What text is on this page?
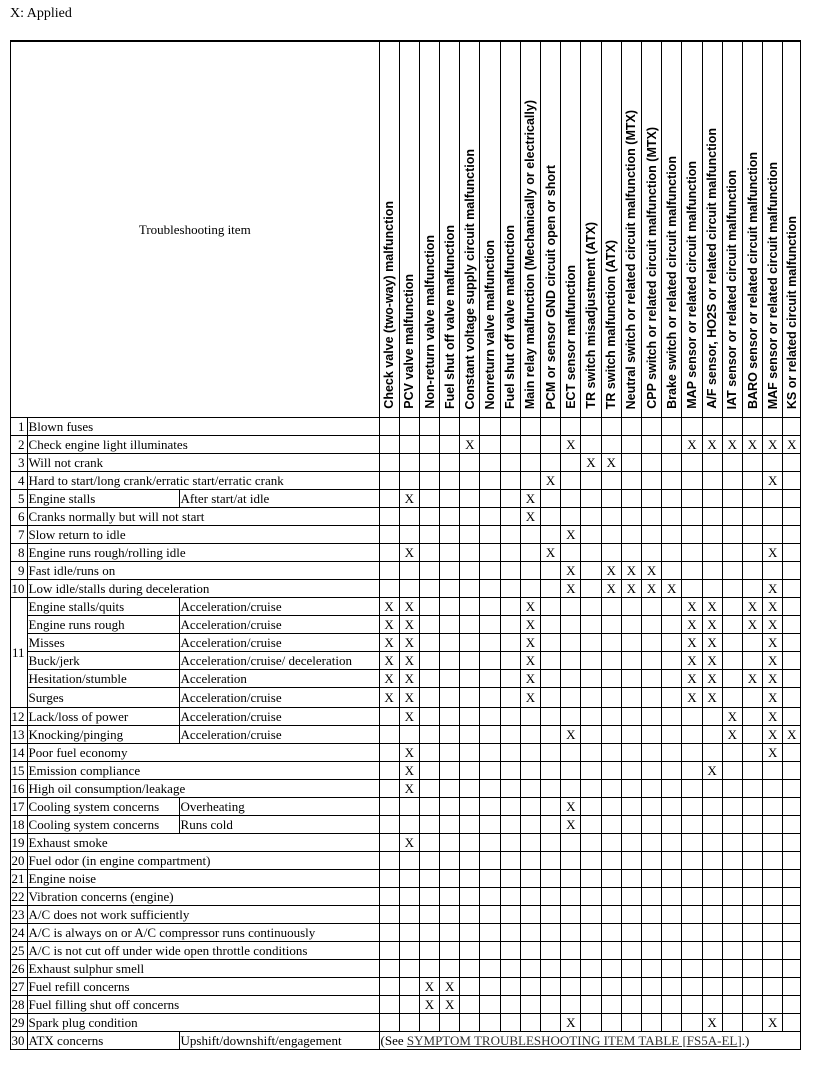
X: Applied
Troubleshooting item			Check valve (two-way) malfunction	PCV valve malfunction	Non-return valve malfunction	Fuel shut off valve malfunction	Constant voltage supply circuit malfunction	Nonreturn valve malfunction	Fuel shut off valve malfunction	Main relay malfunction (Mechanically or electrically)	PCM or sensor GND circuit open or short	ECT sensor malfunction	TR switch misadjustment (ATX)	TR switch malfunction (ATX)	Neutral switch or related circuit malfunction (MTX)	CPP switch or related circuit malfunction (MTX)	Brake switch or related circuit malfunction	MAP sensor or related circuit malfunction	A/F sensor, HO2S or related circuit malfunction	IAT sensor or related circuit malfunction	BARO sensor or related circuit malfunction	MAF sensor or related circuit malfunction	KS or related circuit malfunction
1	Blown fuses																						
2	Check engine light illuminates						X					X						X	X	X	X	X	X
3	Will not crank												X	X									
4	Hard to start/long crank/erratic start/erratic crank										X											X	
5	Engine stalls	After start/at idle		X						X													
6	Cranks normally but will not start									X													
7	Slow return to idle											X											
8	Engine runs rough/rolling idle			X							X											X	
9	Fast idle/runs on											X		X	X	X							
10	Low idle/stalls during deceleration											X		X	X	X	X					X	
11	Engine stalls/quits	Acceleration/cruise	X	X						X								X	X		X	X	
	Engine runs rough	Acceleration/cruise	X	X						X								X	X		X	X	
	Misses	Acceleration/cruise	X	X						X								X	X			X	
	Buck/jerk	Acceleration/cruise/ deceleration	X	X						X								X	X			X	
	Hesitation/stumble	Acceleration	X	X						X								X	X		X	X	
	Surges	Acceleration/cruise	X	X						X								X	X			X	
12	Lack/loss of power	Acceleration/cruise		X																X		X	
13	Knocking/pinging	Acceleration/cruise										X								X		X	X
14	Poor fuel economy			X																		X	
15	Emission compliance			X															X				
16	High oil consumption/leakage			X																			
17	Cooling system concerns	Overheating										X											
18	Cooling system concerns	Runs cold										X											
19	Exhaust smoke			X																			
20	Fuel odor (in engine compartment)																						
21	Engine noise																						
22	Vibration concerns (engine)																						
23	A/C does not work sufficiently																						
24	A/C is always on or A/C compressor runs continuously																						
25	A/C is not cut off under wide open throttle conditions																						
26	Exhaust sulphur smell																						
27	Fuel refill concerns				X	X																	
28	Fuel filling shut off concerns				X	X																	
29	Spark plug condition											X							X			X	
30	ATX concerns	Upshift/downshift/engagement	(See SYMPTOM TROUBLESHOOTING ITEM TABLE [FS5A-EL].)																				
